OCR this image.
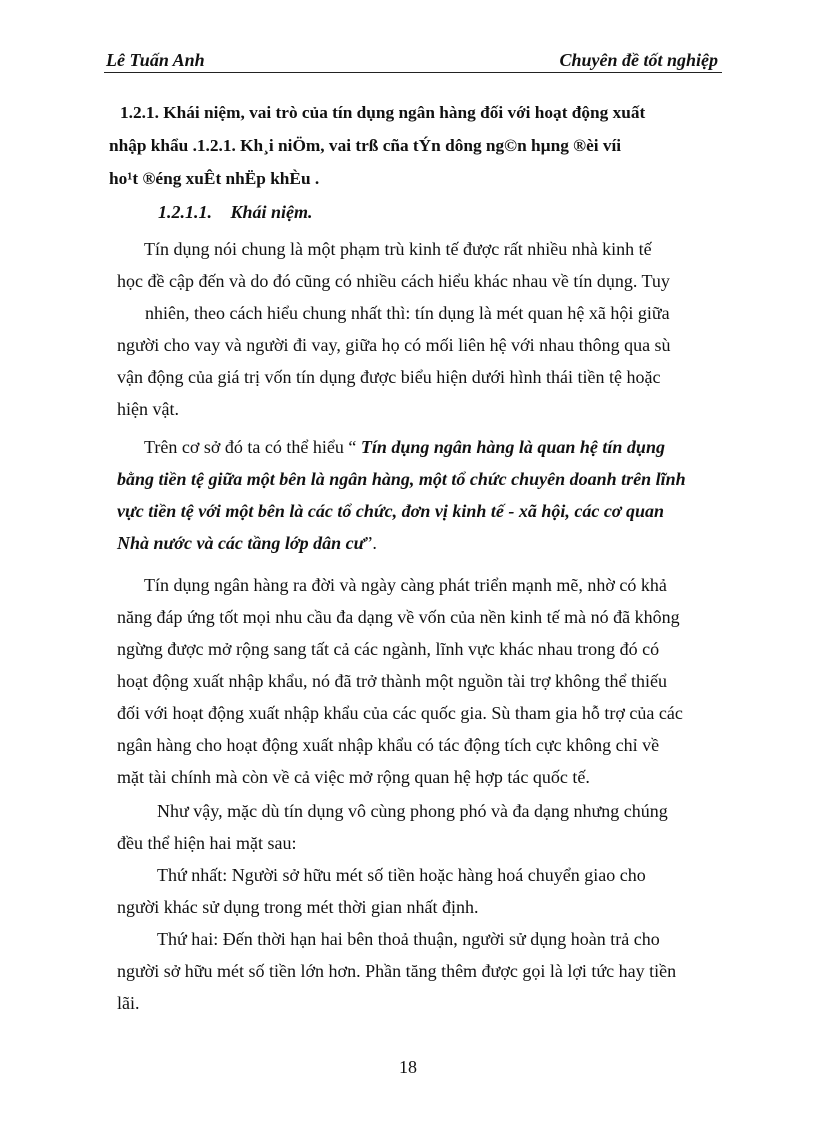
Lê Tuấn Anh	Chuyên đề tốt nghiệp
1.2.1. Khái niệm, vai trò của tín dụng ngân hàng đối với hoạt động xuất
nhập khẩu .1.2.1. Kh¸i niÖm, vai trß cña tÝn dông ng©n hµng ®èi víi
ho¹t ®éng xuÊt nhËp khÈu .
1.2.1.1. Khái niệm.
Tín dụng nói chung là một phạm trù kinh tế được rất nhiều nhà kinh tế
học đề cập đến và do đó cũng có nhiều cách hiểu khác nhau về tín dụng. Tuy
nhiên, theo cách hiểu chung nhất thì: tín dụng là mét quan hệ xã hội giữa
người cho vay và người đi vay, giữa họ có mối liên hệ với nhau thông qua sù
vận động của giá trị vốn tín dụng được biểu hiện dưới hình thái tiền tệ hoặc
hiện vật.
Trên cơ sở đó ta có thể hiểu “ Tín dụng ngân hàng là quan hệ tín dụng
bằng tiền tệ giữa một bên là ngân hàng, một tổ chức chuyên doanh trên lĩnh
vực tiền tệ với một bên là các tổ chức, đơn vị kinh tế - xã hội, các cơ quan
Nhà nước và các tầng lớp dân cư”.
Tín dụng ngân hàng ra đời và ngày càng phát triển mạnh mẽ, nhờ có khả
năng đáp ứng tốt mọi nhu cầu đa dạng về vốn của nền kinh tế mà nó đã không
ngừng được mở rộng sang tất cả các ngành, lĩnh vực khác nhau trong đó có
hoạt động xuất nhập khẩu, nó đã trở thành một nguồn tài trợ không thể thiếu
đối với hoạt động xuất nhập khẩu của các quốc gia. Sù tham gia hỗ trợ của các
ngân hàng cho hoạt động xuất nhập khẩu có tác động tích cực không chỉ về
mặt tài chính mà còn về cả việc mở rộng quan hệ hợp tác quốc tế.
Như vậy, mặc dù tín dụng vô cùng phong phó và đa dạng nhưng chúng
đều thể hiện hai mặt sau:
Thứ nhất: Người sở hữu mét số tiền hoặc hàng hoá chuyển giao cho
người khác sử dụng trong mét thời gian nhất định.
Thứ hai: Đến thời hạn hai bên thoả thuận, người sử dụng hoàn trả cho
người sở hữu mét số tiền lớn hơn. Phần tăng thêm được gọi là lợi tức hay tiền
lãi.
18
